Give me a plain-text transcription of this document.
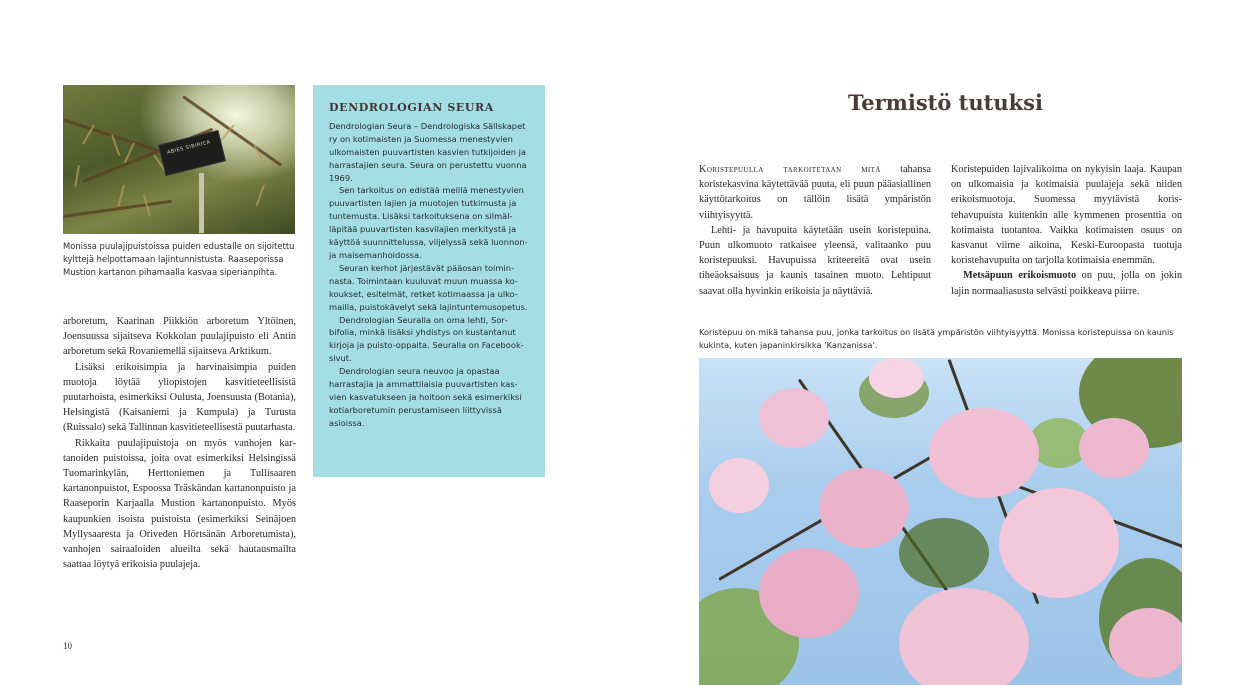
ABIES SIBIRICA
Monissa puulajipuistoissa puiden edustalle on sijoitettu kylttejä helpottamaan lajintunnistusta. Raaseporissa Mustion kartanon pihamaalla kasvaa siperianpihta.

arboretum, Kaarinan Piikkiön arboretum Yltöinen, Joensuussa sijaitseva Kokkolan puulajipuisto eli Antin arboretum sekä Rovaniemellä sijaitseva Arktikum.

Lisäksi erikoisimpia ja harvinaisimpia puiden muotoja löytää yliopistojen kasvitieteellisistä puutarhoista, esimerkiksi Oulusta, Joensuusta (Botania), Helsingistä (Kaisaniemi ja Kumpula) ja Turusta (Ruissalo) sekä Tallinnan kasvitieteellisestä puutarhasta.

Rikkaita puulajipuistoja on myös vanhojen kartanoiden puistoissa, joita ovat esimerkiksi Helsingissä Tuomarinkylän, Herttoniemen ja Tullisaaren kartanonpuistot, Espoossa Träskändan kartanonpuisto ja Raaseporin Karjaalla Mustion kartanonpuisto. Myös kaupunkien isoista puistoista (esimerkiksi Seinäjoen Myllysaaresta ja Oriveden Hörtsänän Arboretumista), vanhojen sairaaloiden alueilta sekä hautausmailta saattaa löytyä erikoisia puulajeja.

10
DENDROLOGIAN SEURA

Dendrologian Seura – Dendrologiska Sällskapet ry on kotimaisten ja Suomessa menestyvien ulkomaisten puuvartisten kasvien tutkijoiden ja harrastajien seura. Seura on perustettu vuonna 1969.

Sen tarkoitus on edistää meillä menestyvien puuvartisten lajien ja muotojen tutkimusta ja tuntemusta. Lisäksi tarkoituksena on silmälläpitää puuvartisten kasvilajien merkitystä ja käyttöä suunnittelussa, viljelyssä sekä luonnon- ja maisemanhoidossa.

Seuran kerhot järjestävät pääosan toiminnasta. Toimintaan kuuluvat muun muassa kokoukset, esitelmät, retket kotimaassa ja ulkomailla, puistokävelyt sekä lajintuntemusopetus.

Dendrologian Seuralla on oma lehti, Sorbifolia, minkä lisäksi yhdistys on kustantanut kirjoja ja puisto-oppaita. Seuralla on Facebook-sivut.

Dendrologian seura neuvoo ja opastaa harrastajia ja ammattilaisia puuvartisten kasvien kasvatukseen ja hoitoon sekä esimerkiksi kotiarboretumin perustamiseen liittyvissä asioissa.

Termistö tutuksi

Koristepuulla tarkoitetaan mitä tahansa koristekasvina käytettävää puuta, eli puun pääasiallinen käyttötarkoitus on tällöin lisätä ympäristön viihtyisyyttä.

Lehti- ja havupuita käytetään usein koristepuina. Puun ulkomuoto ratkaisee yleensä, valitaanko puu koristepuuksi. Havupuissa kriteereitä ovat usein tiheäoksaisuus ja kaunis tasainen muoto. Lehtipuut saavat olla hyvinkin erikoisia ja näyttäviä.

Koristepuiden lajivalikoima on nykyisin laaja. Kaupan on ulkomaisia ja kotimaisia puulajeja sekä niiden erikoismuotoja. Suomessa myytävistä koristehavupuista kuitenkin alle kymmenen prosenttia on kotimaista tuotantoa. Vaikka kotimaisten osuus on kasvanut viime aikoina, Keski-Euroopasta tuotuja koristehavupuita on tarjolla kotimaisia enemmän.

Metsäpuun erikoismuoto on puu, jolla on jokin lajin normaaliasusta selvästi poikkeava piirre.

Koristepuu on mikä tahansa puu, jonka tarkoitus on lisätä ympäristön viihtyisyyttä. Monissa koristepuissa on kaunis kukinta, kuten japaninkirsikka ’Kanzanissa’.
